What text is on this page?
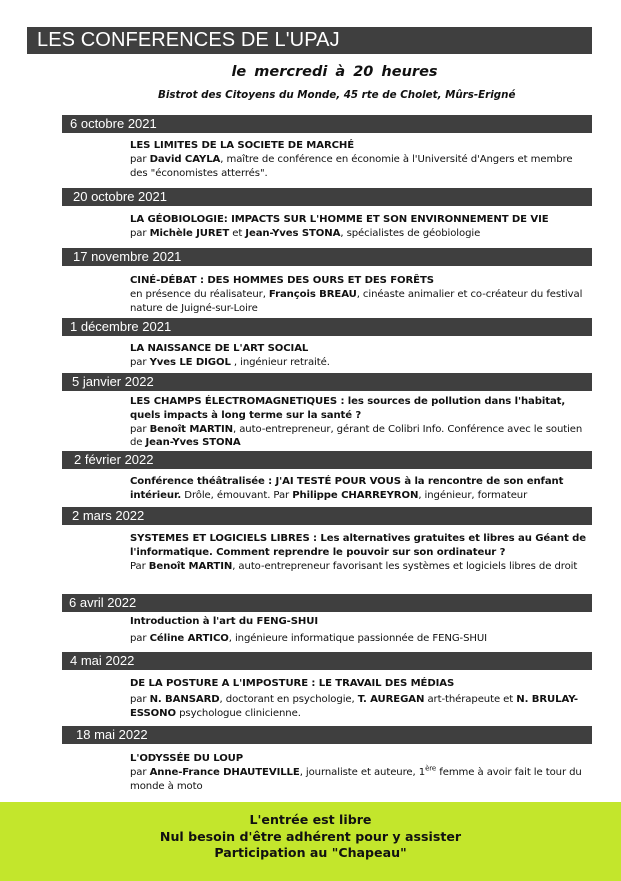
LES CONFERENCES DE L'UPAJ
le mercredi à 20 heures
Bistrot des Citoyens du Monde, 45 rte de Cholet, Mûrs-Erigné
6 octobre 2021
LES LIMITES DE LA SOCIETE DE MARCHÉ
par David CAYLA, maître de conférence en économie à l'Université d'Angers et membre des "économistes atterrés".
20 octobre 2021
LA GÉOBIOLOGIE: IMPACTS SUR L'HOMME ET SON ENVIRONNEMENT DE VIE
par Michèle JURET et Jean-Yves STONA, spécialistes de géobiologie
17 novembre 2021
CINÉ-DÉBAT : DES HOMMES DES OURS ET DES FORÊTS
en présence du réalisateur, François BREAU, cinéaste animalier et co-créateur du festival nature de Juigné-sur-Loire
1 décembre 2021
LA NAISSANCE DE L'ART SOCIAL
par Yves LE DIGOL , ingénieur retraité.
5 janvier 2022
LES CHAMPS ÉLECTROMAGNETIQUES : les sources de pollution dans l'habitat, quels impacts à long terme sur la santé ?
par Benoît MARTIN, auto-entrepreneur, gérant de Colibri Info. Conférence avec le soutien de Jean-Yves STONA
2 février 2022
Conférence théâtralisée : J'AI TESTÉ POUR VOUS à la rencontre de son enfant intérieur. Drôle, émouvant. Par Philippe CHARREYRON, ingénieur, formateur
2 mars 2022
SYSTEMES ET LOGICIELS LIBRES : Les alternatives gratuites et libres au Géant de l'informatique. Comment reprendre le pouvoir sur son ordinateur ?
Par Benoît MARTIN, auto-entrepreneur favorisant les systèmes et logiciels libres de droit
6 avril 2022
Introduction à l'art du FENG-SHUI
par Céline ARTICO, ingénieure informatique passionnée de FENG-SHUI
4 mai 2022
DE LA POSTURE A L'IMPOSTURE : LE TRAVAIL DES MÉDIAS
par N. BANSARD, doctorant en psychologie, T. AUREGAN art-thérapeute et N. BRULAY-ESSONO psychologue clinicienne.
18 mai 2022
L'ODYSSÉE DU LOUP
par Anne-France DHAUTEVILLE, journaliste et auteure, 1ère femme à avoir fait le tour du monde à moto
L'entrée est libre
Nul besoin d'être adhérent pour y assister
Participation au "Chapeau"
